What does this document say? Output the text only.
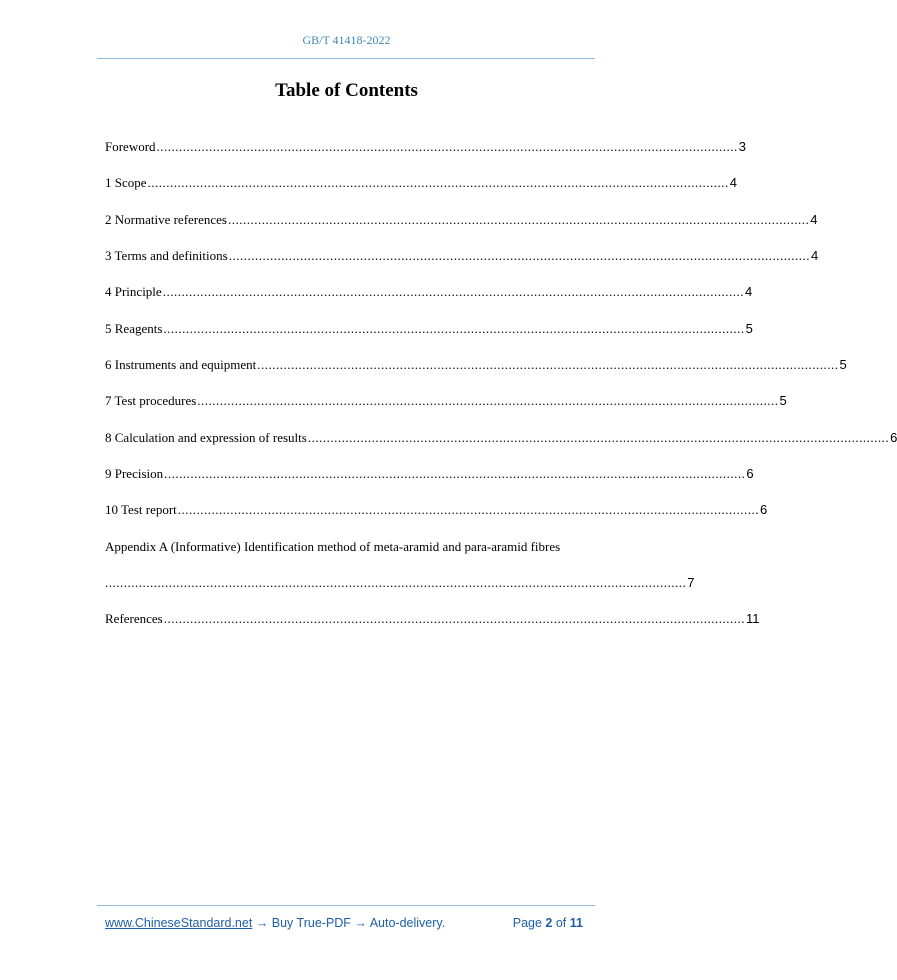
GB/T 41418-2022
Table of Contents
Foreword ........................................................................................................................................................... 3
1 Scope ........................................................................................................................................................... 4
2 Normative references ........................................................................................................................................................... 4
3 Terms and definitions ........................................................................................................................................................... 4
4 Principle ........................................................................................................................................................... 4
5 Reagents ........................................................................................................................................................... 5
6 Instruments and equipment ........................................................................................................................................................... 5
7 Test procedures ........................................................................................................................................................... 5
8 Calculation and expression of results ........................................................................................................................................................... 6
9 Precision ........................................................................................................................................................... 6
10 Test report ........................................................................................................................................................... 6
Appendix A (Informative) Identification method of meta-aramid and para-aramid fibres
........................................................................................................................................................... 7
References ........................................................................................................................................................... 11
www.ChineseStandard.net → Buy True-PDF → Auto-delivery.	Page 2 of 11
